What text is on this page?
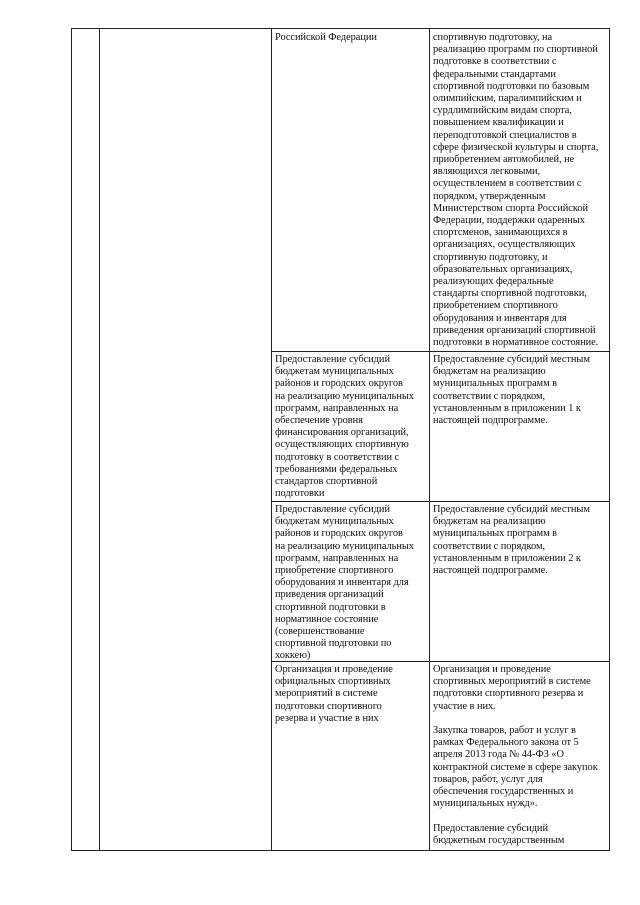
Российской Федерации	спортивную подготовку, на
реализацию программ по спортивной
подготовке в соответствии с
федеральными стандартами
спортивной подготовки по базовым
олимпийским, паралимпийским и
сурдлимпийским видам спорта,
повышением квалификации и
переподготовкой специалистов в
сфере физической культуры и спорта,
приобретением автомобилей, не
являющихся легковыми,
осуществлением в соответствии с
порядком, утвержденным
Министерством спорта Российской
Федерации, поддержки одаренных
спортсменов, занимающихся в
организациях, осуществляющих
спортивную подготовку, и
образовательных организациях,
реализующих федеральные
стандарты спортивной подготовки,
приобретением спортивного
оборудования и инвентаря для
приведения организаций спортивной
подготовки в нормативное состояние.
Предоставление субсидий
бюджетам муниципальных
районов и городских округов
на реализацию муниципальных
программ, направленных на
обеспечение уровня
финансирования организаций,
осуществляющих спортивную
подготовку в соответствии с
требованиями федеральных
стандартов спортивной
подготовки
Предоставление субсидий местным
бюджетам на реализацию
муниципальных программ в
соответствии с порядком,
установленным в приложении 1 к
настоящей подпрограмме.
Предоставление субсидий
бюджетам муниципальных
районов и городских округов
на реализацию муниципальных
программ, направленных на
приобретение спортивного
оборудования и инвентаря для
приведения организаций
спортивной подготовки в
нормативное состояние
(совершенствование
спортивной подготовки по
хоккею)
Предоставление субсидий местным
бюджетам на реализацию
муниципальных программ в
соответствии с порядком,
установленным в приложении 2 к
настоящей подпрограмме.
Организация и проведение
официальных спортивных
мероприятий в системе
подготовки спортивного
резерва и участие в них
Организация и проведение
спортивных мероприятий в системе
подготовки спортивного резерва и
участие в них.

Закупка товаров, работ и услуг в
рамках Федерального закона от 5
апреля 2013 года № 44-ФЗ «О
контрактной системе в сфере закупок
товаров, работ, услуг для
обеспечения государственных и
муниципальных нужд».

Предоставление субсидий
бюджетным государственным
